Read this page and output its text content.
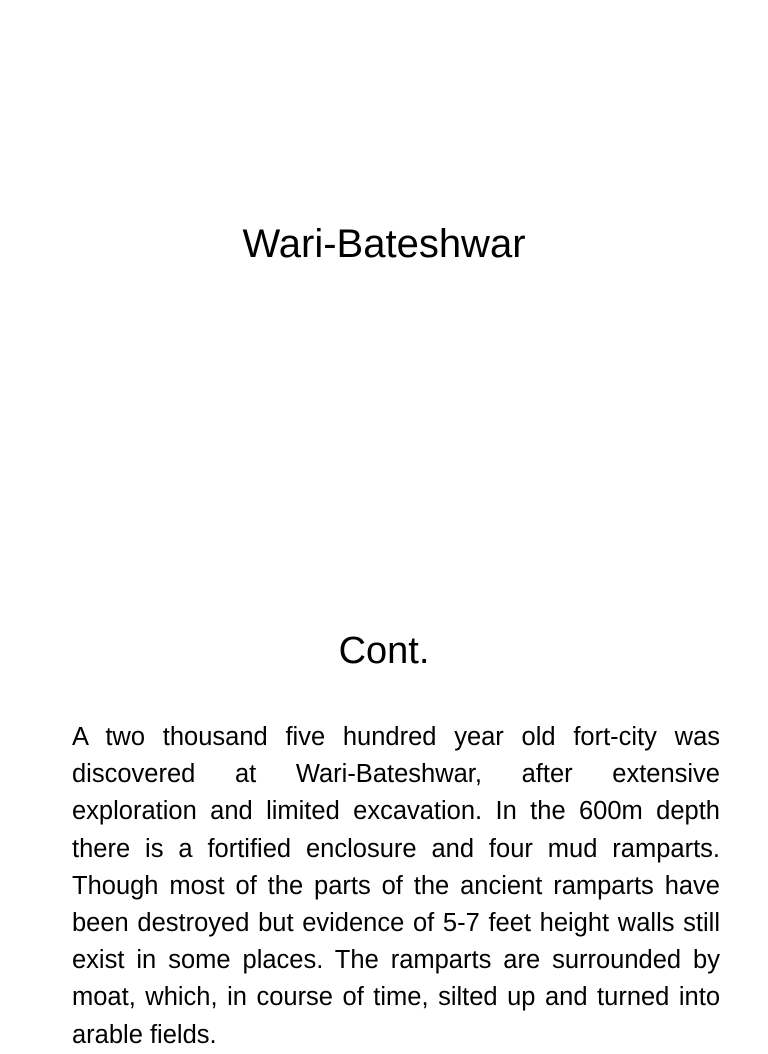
Wari-Bateshwar
Cont.

A two thousand five hundred year old fort-city was discovered at Wari-Bateshwar, after extensive exploration and limited excavation. In the 600m depth there is a fortified enclosure and four mud ramparts. Though most of the parts of the ancient ramparts have been destroyed but evidence of 5-7 feet height walls still exist in some places. The ramparts are surrounded by moat, which, in course of time, silted up and turned into arable fields.
